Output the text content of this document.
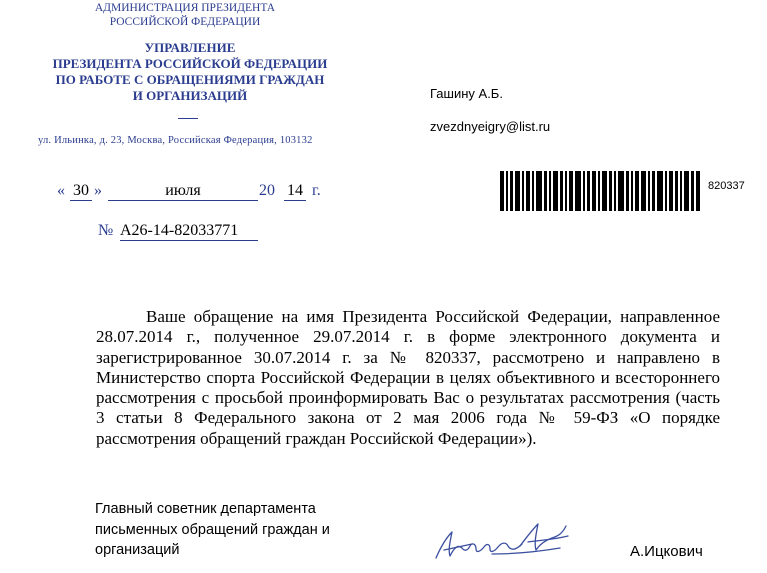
АДМИНИСТРАЦИЯ ПРЕЗИДЕНТА
РОССИЙСКОЙ ФЕДЕРАЦИИ
УПРАВЛЕНИЕ
ПРЕЗИДЕНТА РОССИЙСКОЙ ФЕДЕРАЦИИ
ПО РАБОТЕ С ОБРАЩЕНИЯМИ ГРАЖДАН
И ОРГАНИЗАЦИЙ
ул. Ильинка, д. 23, Москва, Российская Федерация, 103132
« 30 »	июля	20 14 г.
№ А26-14-82033771
Гашину А.Б.
zvezdnyeigry@list.ru
820337
Ваше обращение на имя Президента Российской Федерации, направленное 28.07.2014 г., полученное 29.07.2014 г. в форме электронного документа и зарегистрированное 30.07.2014 г. за № 820337, рассмотрено и направлено в Министерство спорта Российской Федерации в целях объективного и всестороннего рассмотрения с просьбой проинформировать Вас о результатах рассмотрения (часть 3 статьи 8 Федерального закона от 2 мая 2006 года № 59-ФЗ «О порядке рассмотрения обращений граждан Российской Федерации»).
Главный советник департамента
письменных обращений граждан и
организаций	А.Ицкович
